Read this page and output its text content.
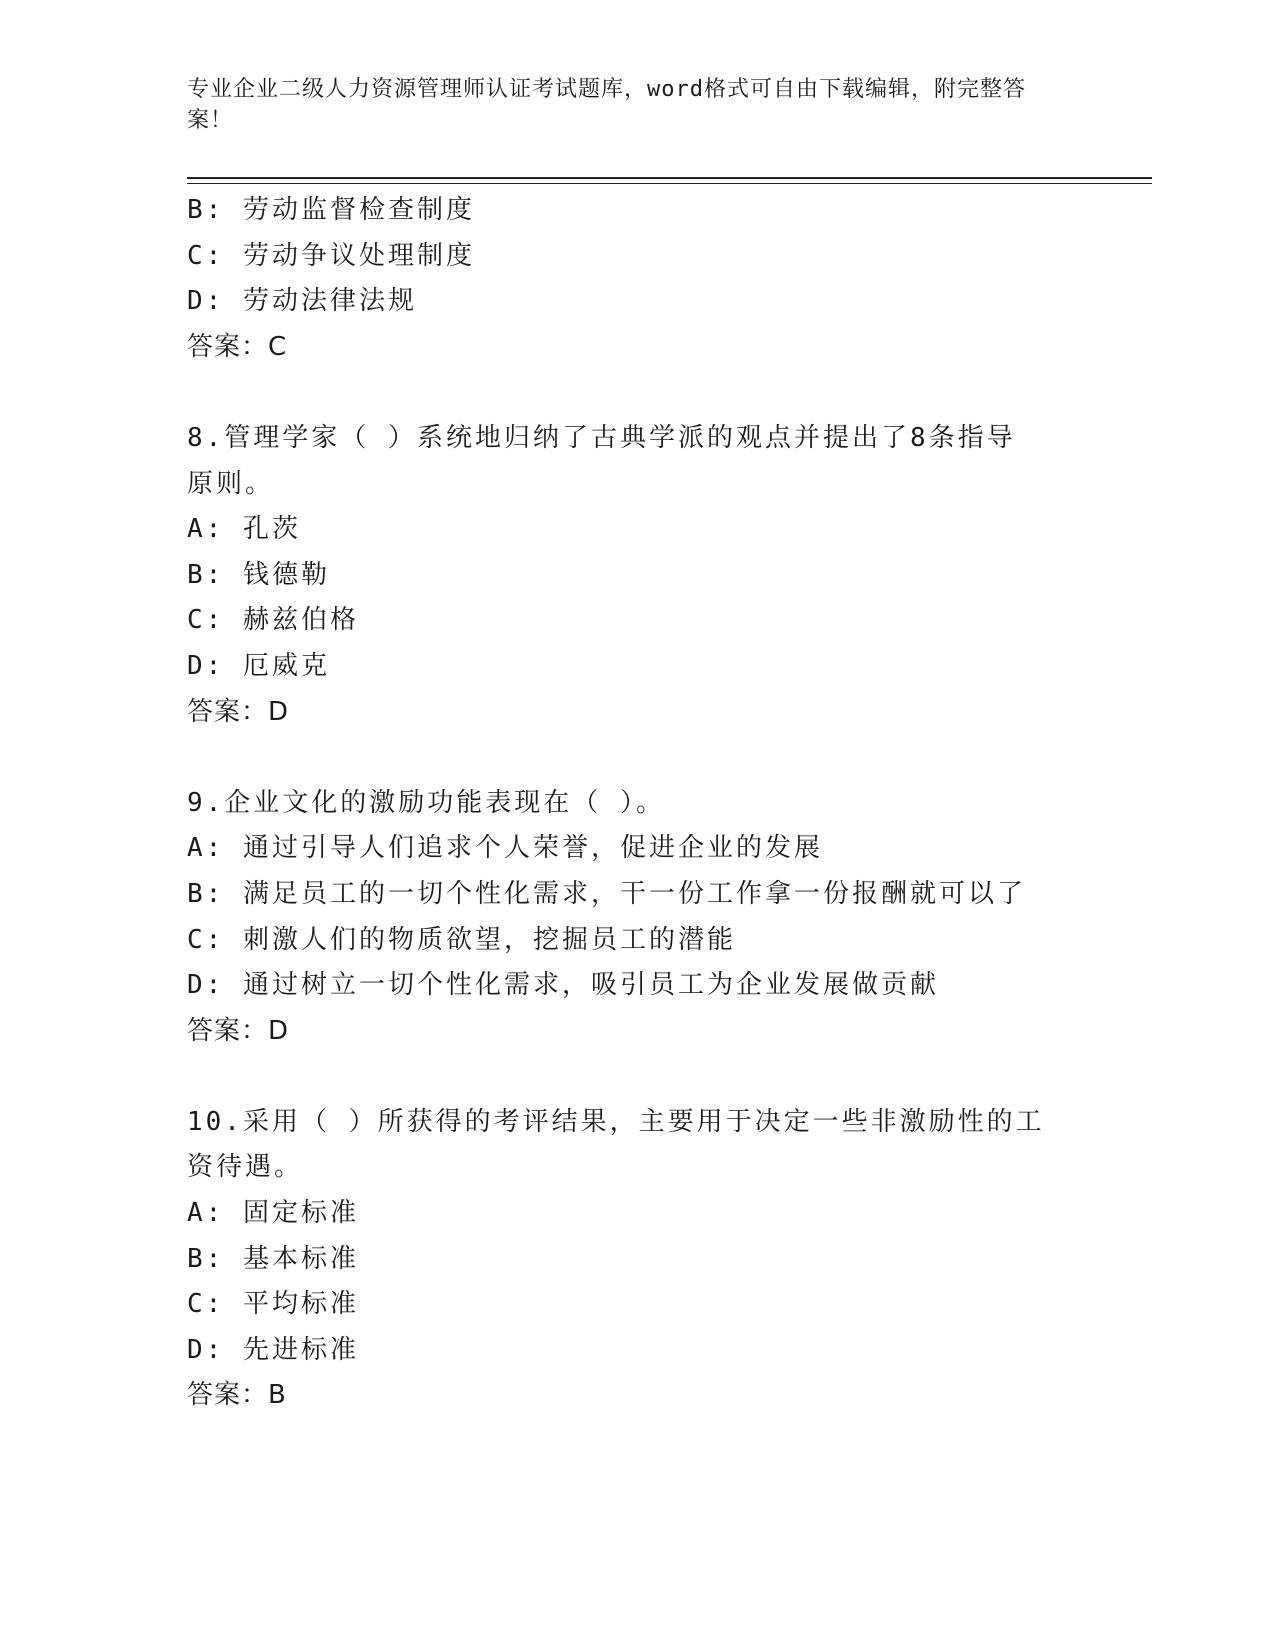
专业企业二级人力资源管理师认证考试题库，word格式可自由下载编辑，附完整答案！
B: 劳动监督检查制度
C: 劳动争议处理制度
D: 劳动法律法规
答案：C
8.管理学家（ ）系统地归纳了古典学派的观点并提出了8条指导
原则。
A: 孔茨
B: 钱德勒
C: 赫兹伯格
D: 厄威克
答案：D
9.企业文化的激励功能表现在（ ）。
A: 通过引导人们追求个人荣誉，促进企业的发展
B: 满足员工的一切个性化需求，干一份工作拿一份报酬就可以了
C: 刺激人们的物质欲望，挖掘员工的潜能
D: 通过树立一切个性化需求，吸引员工为企业发展做贡献
答案：D
10.采用（ ）所获得的考评结果，主要用于决定一些非激励性的工
资待遇。
A: 固定标准
B: 基本标准
C: 平均标准
D: 先进标准
答案：B
